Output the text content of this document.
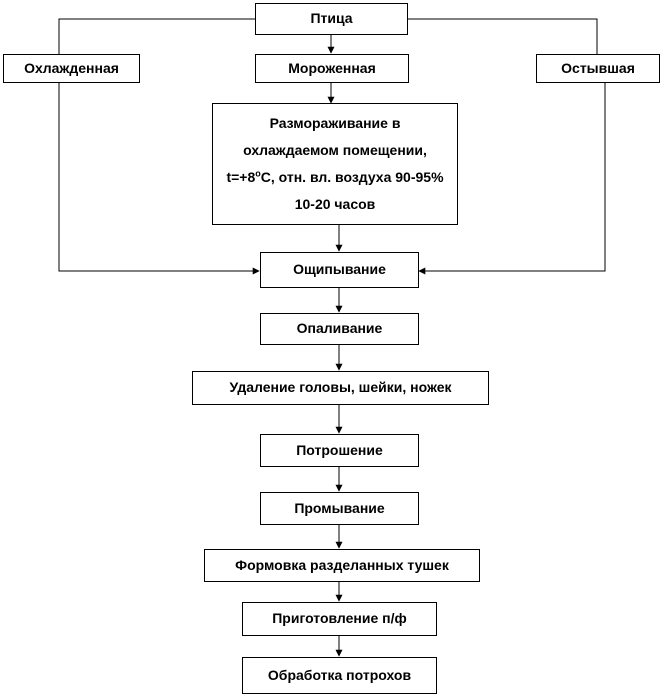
Птица
Охлажденная	Мороженная	Остывшая
Размораживание в охлаждаемом помещении, $t=+8^оС$, отн. вл. воздуха 90-95% 10-20 часов
Ощипывание
Опаливание
Удаление головы, шейки, ножек
Потрошение
Промывание
Формовка разделанных тушек
Приготовление п/ф
Обработка потрохов
